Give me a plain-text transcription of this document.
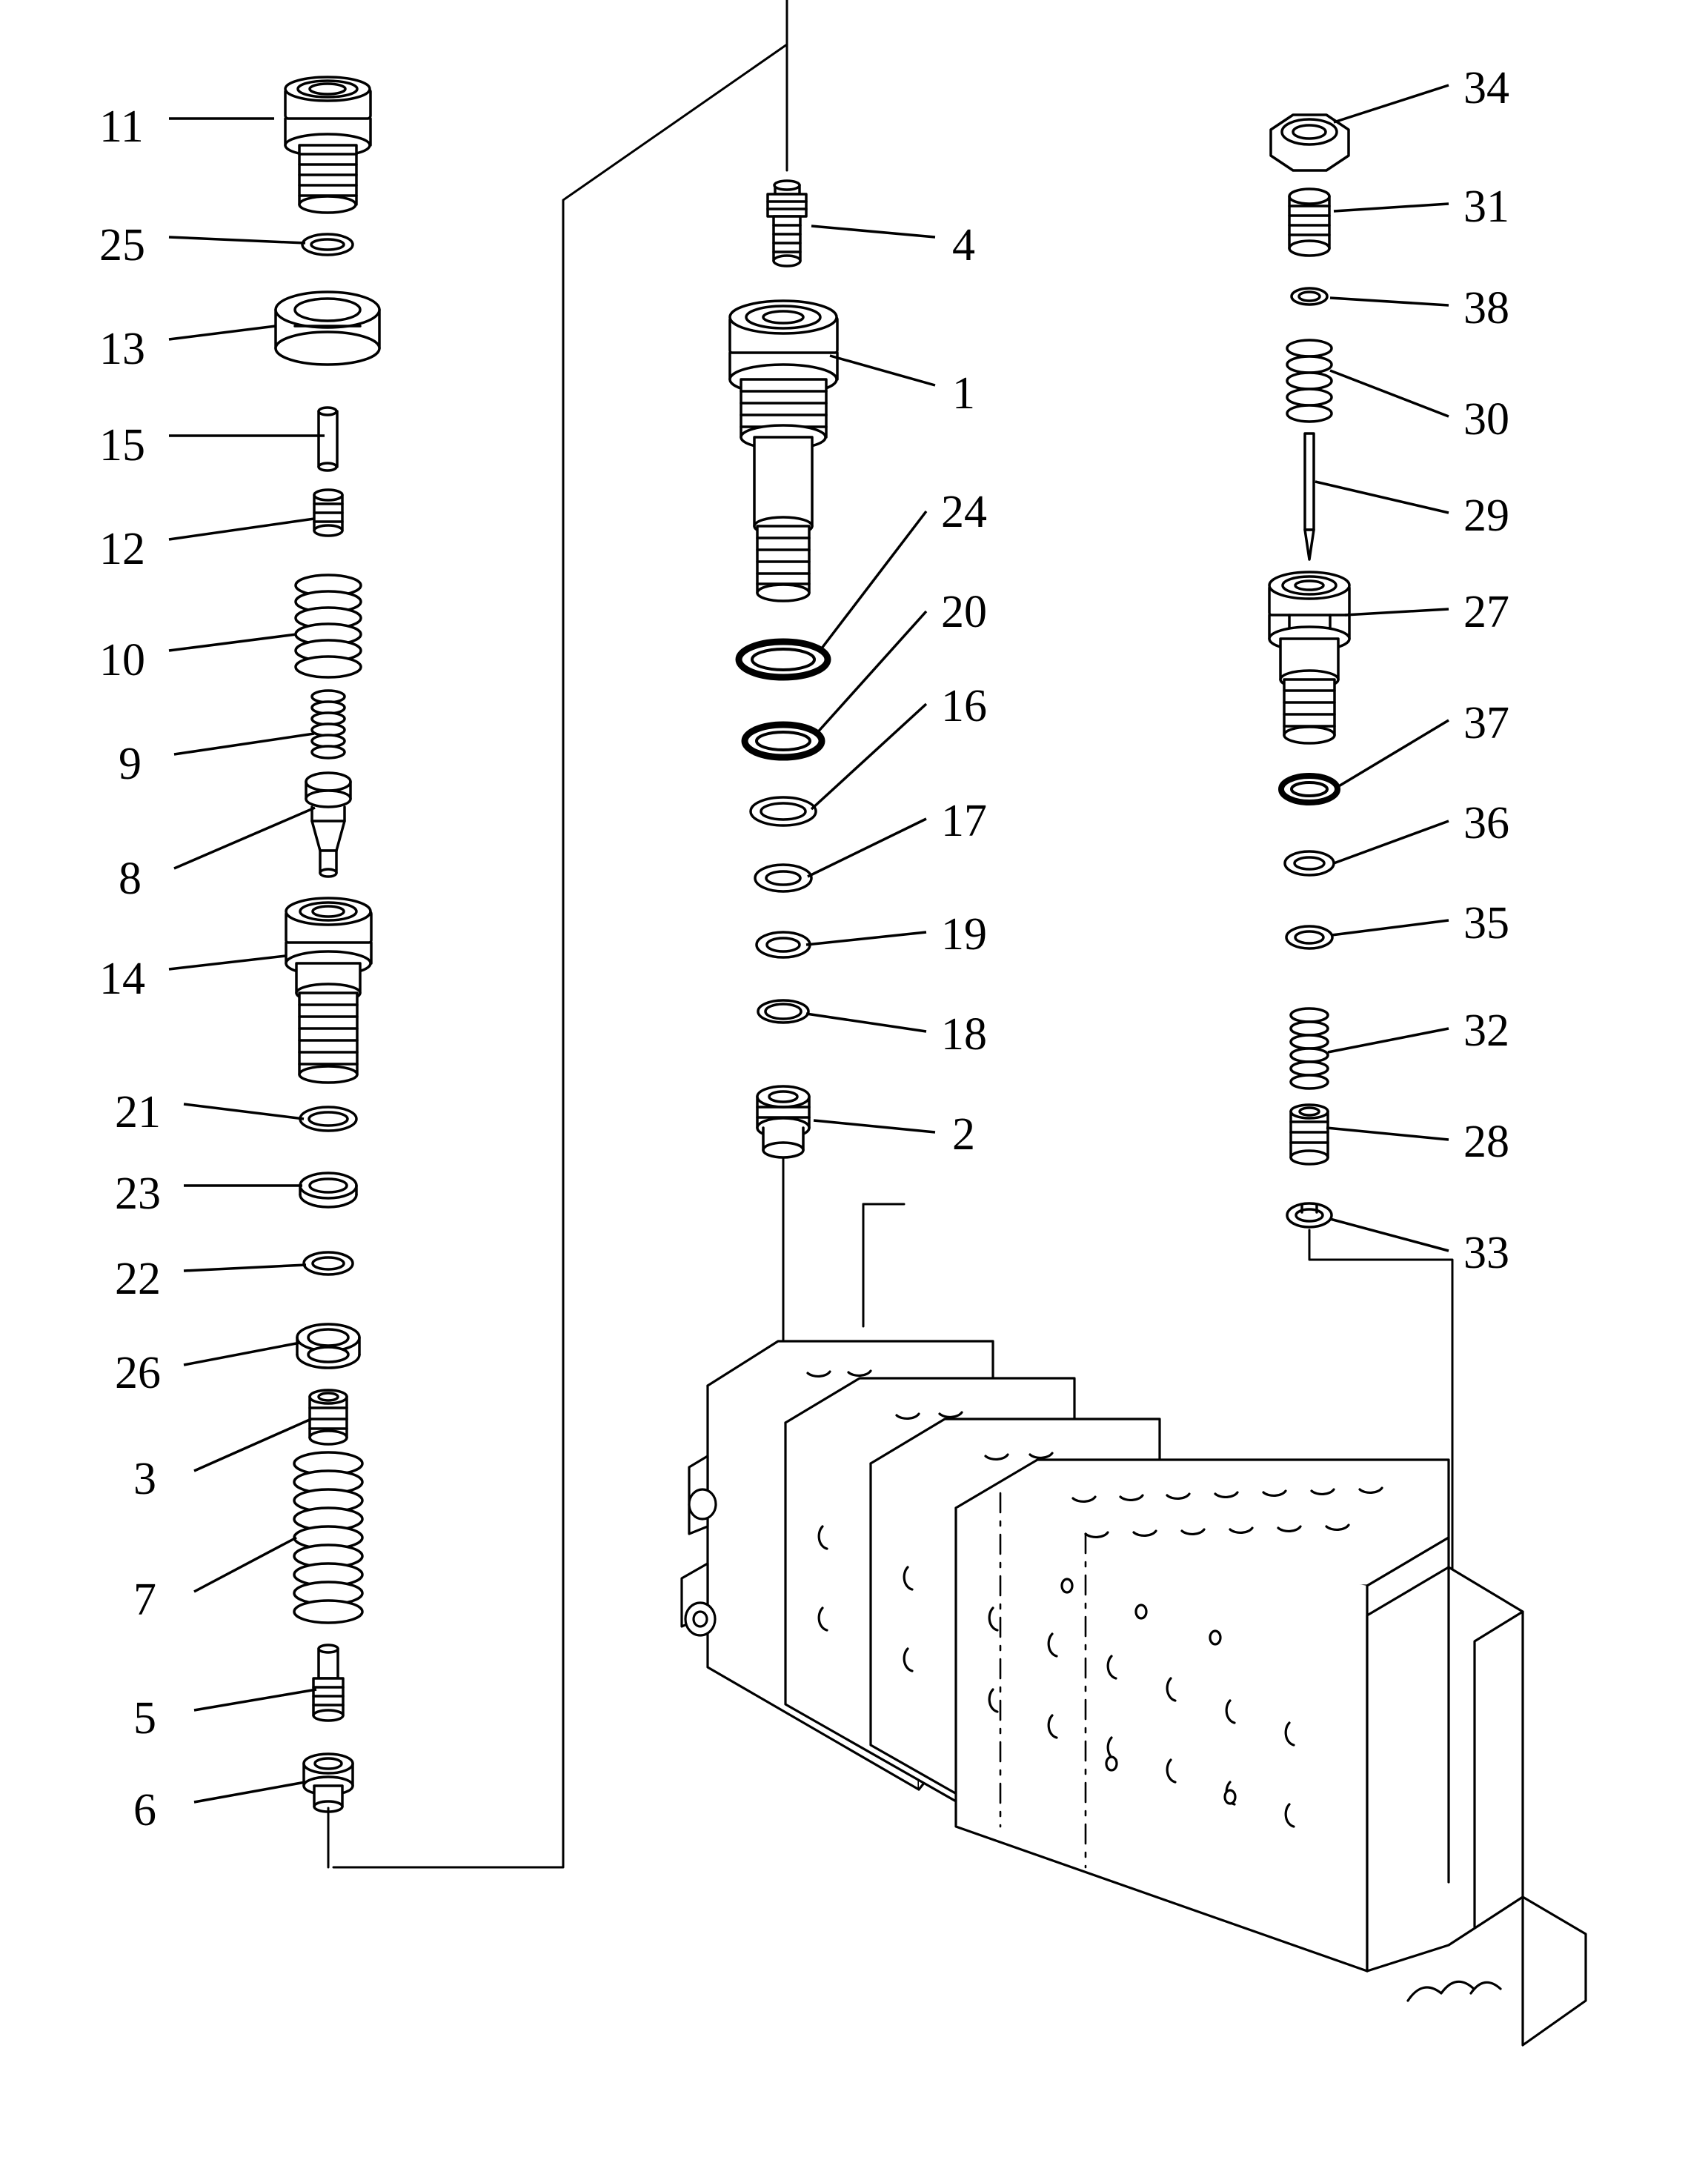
11
25
13
15
12
10
9
8
14
21
23
22
26
3
7
5
6
4
1
24
20
16
17
19
18
2
34
31
38
30
29
27
37
36
35
32
28
33
